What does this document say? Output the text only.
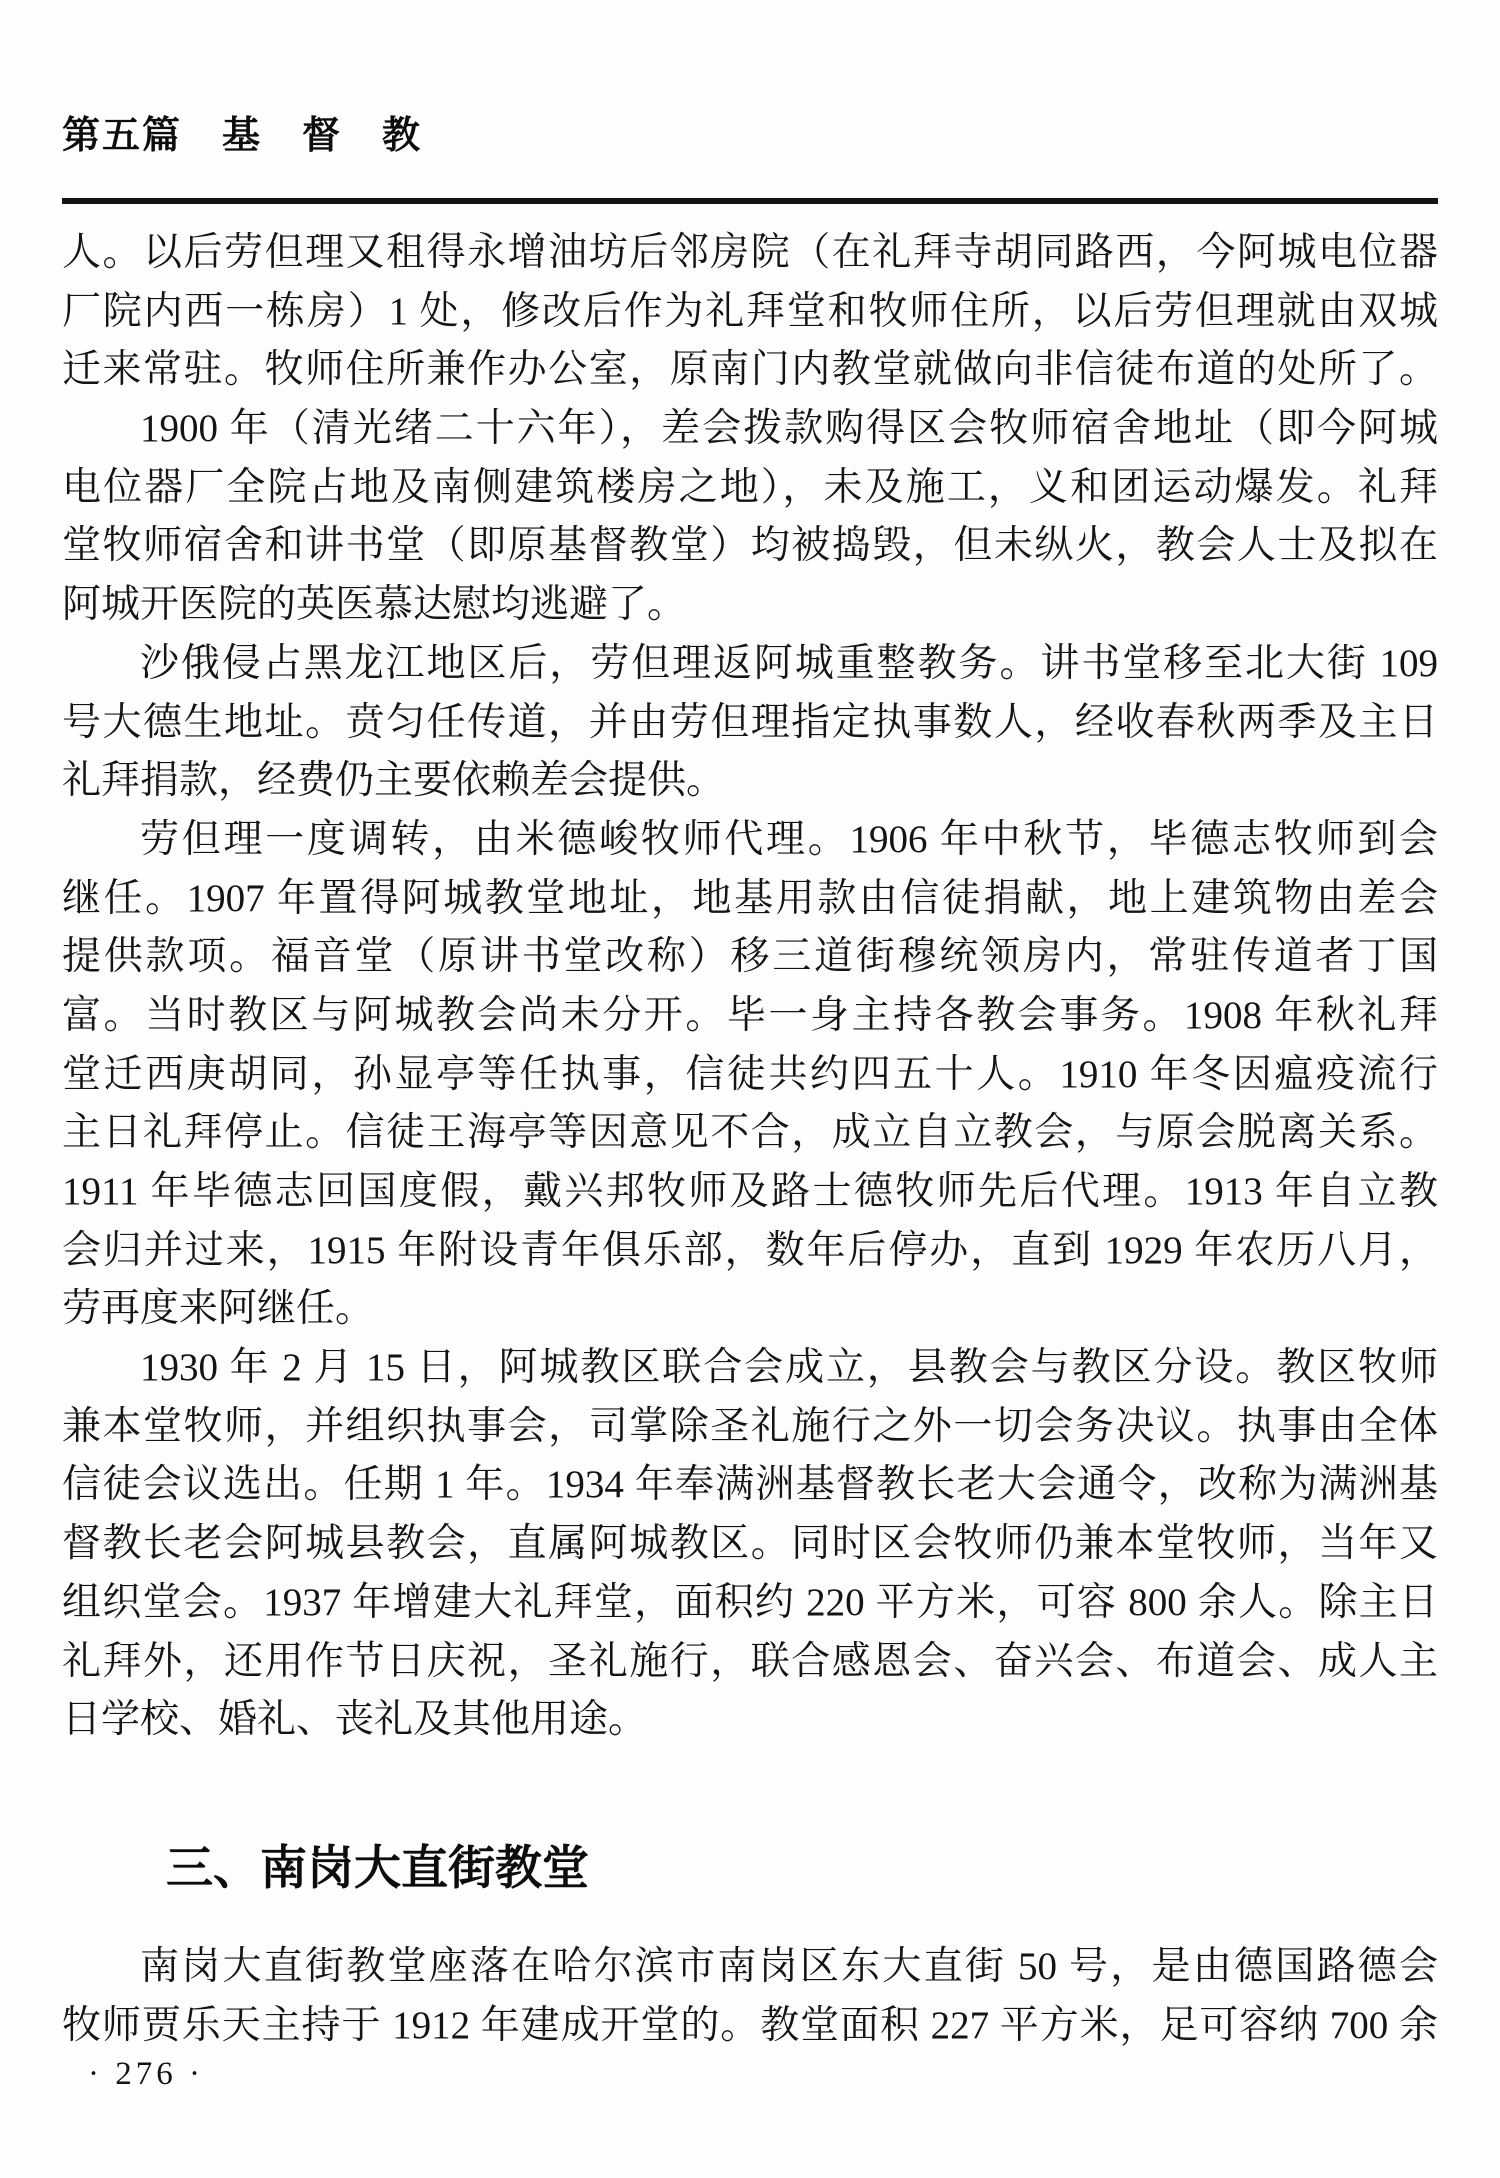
第五篇　基　督　教
人。以后劳但理又租得永增油坊后邻房院（在礼拜寺胡同路西，今阿城电位器
厂院内西一栋房）1 处，修改后作为礼拜堂和牧师住所，以后劳但理就由双城
迁来常驻。牧师住所兼作办公室，原南门内教堂就做向非信徒布道的处所了。
1900 年（清光绪二十六年），差会拨款购得区会牧师宿舍地址（即今阿城
电位器厂全院占地及南侧建筑楼房之地），未及施工，义和团运动爆发。礼拜
堂牧师宿舍和讲书堂（即原基督教堂）均被捣毁，但未纵火，教会人士及拟在
阿城开医院的英医慕达慰均逃避了。
沙俄侵占黑龙江地区后，劳但理返阿城重整教务。讲书堂移至北大街 109
号大德生地址。贲匀任传道，并由劳但理指定执事数人，经收春秋两季及主日
礼拜捐款，经费仍主要依赖差会提供。
劳但理一度调转，由米德峻牧师代理。1906 年中秋节，毕德志牧师到会
继任。1907 年置得阿城教堂地址，地基用款由信徒捐献，地上建筑物由差会
提供款项。福音堂（原讲书堂改称）移三道街穆统领房内，常驻传道者丁国
富。当时教区与阿城教会尚未分开。毕一身主持各教会事务。1908 年秋礼拜
堂迁西庚胡同，孙显亭等任执事，信徒共约四五十人。1910 年冬因瘟疫流行
主日礼拜停止。信徒王海亭等因意见不合，成立自立教会，与原会脱离关系。
1911 年毕德志回国度假，戴兴邦牧师及路士德牧师先后代理。1913 年自立教
会归并过来，1915 年附设青年俱乐部，数年后停办，直到 1929 年农历八月，
劳再度来阿继任。
1930 年 2 月 15 日，阿城教区联合会成立，县教会与教区分设。教区牧师
兼本堂牧师，并组织执事会，司掌除圣礼施行之外一切会务决议。执事由全体
信徒会议选出。任期 1 年。1934 年奉满洲基督教长老大会通令，改称为满洲基
督教长老会阿城县教会，直属阿城教区。同时区会牧师仍兼本堂牧师，当年又
组织堂会。1937 年增建大礼拜堂，面积约 220 平方米，可容 800 余人。除主日
礼拜外，还用作节日庆祝，圣礼施行，联合感恩会、奋兴会、布道会、成人主
日学校、婚礼、丧礼及其他用途。
三、南岗大直街教堂
南岗大直街教堂座落在哈尔滨市南岗区东大直街 50 号，是由德国路德会
牧师贾乐天主持于 1912 年建成开堂的。教堂面积 227 平方米，足可容纳 700 余
· 276 ·
